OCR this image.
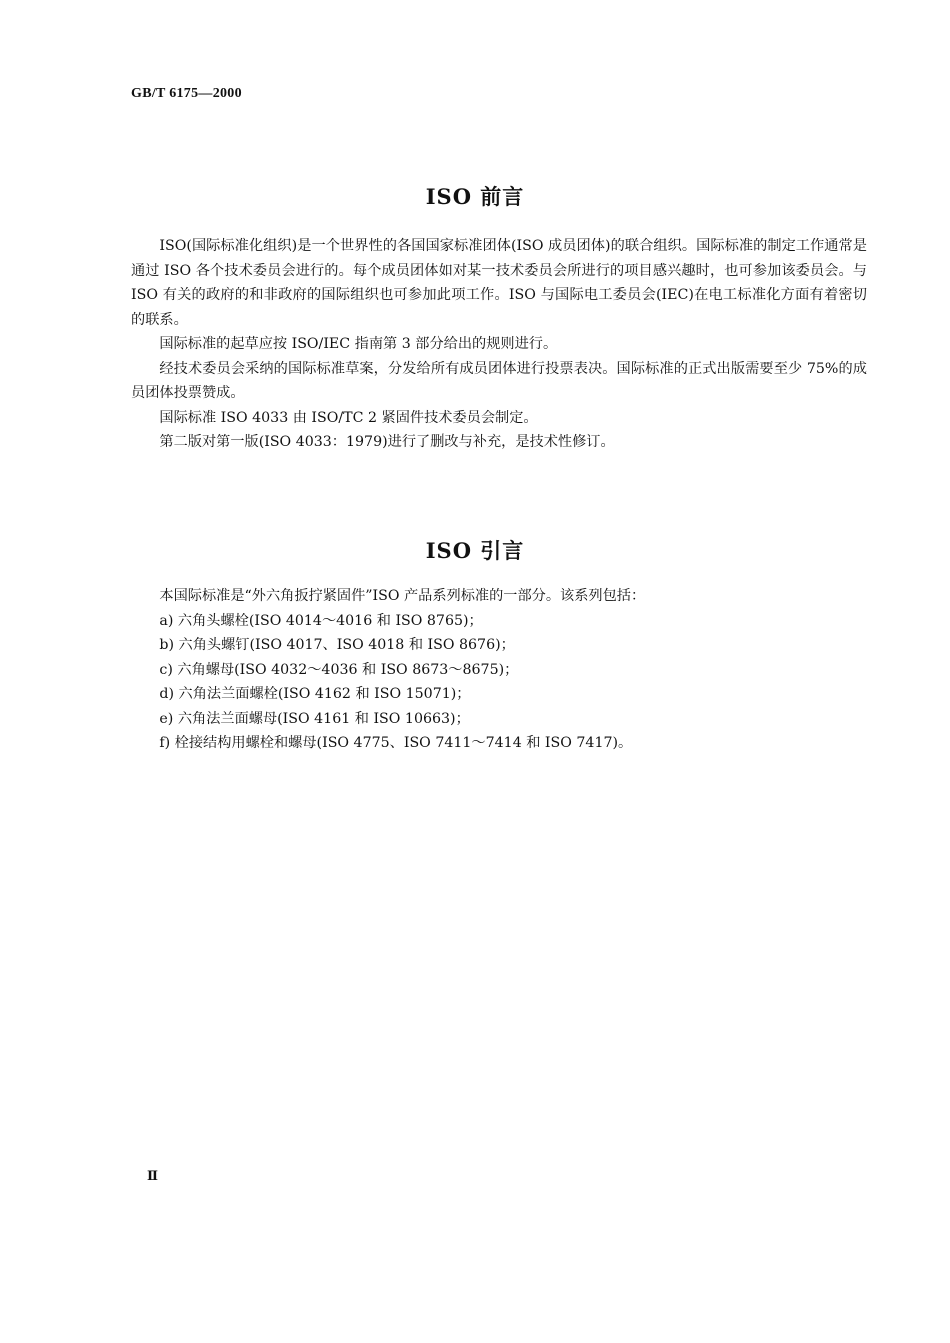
GB/T 6175—2000
ISO 前言

ISO(国际标准化组织)是一个世界性的各国国家标准团体(ISO 成员团体)的联合组织。国际标准的制定工作通常是通过 ISO 各个技术委员会进行的。每个成员团体如对某一技术委员会所进行的项目感兴趣时，也可参加该委员会。与 ISO 有关的政府的和非政府的国际组织也可参加此项工作。ISO 与国际电工委员会(IEC)在电工标准化方面有着密切的联系。

国际标准的起草应按 ISO/IEC 指南第 3 部分给出的规则进行。

经技术委员会采纳的国际标准草案，分发给所有成员团体进行投票表决。国际标准的正式出版需要至少 75%的成员团体投票赞成。

国际标准 ISO 4033 由 ISO/TC 2 紧固件技术委员会制定。

第二版对第一版(ISO 4033：1979)进行了删改与补充，是技术性修订。

ISO 引言

本国际标准是“外六角扳拧紧固件”ISO 产品系列标准的一部分。该系列包括：

a) 六角头螺栓(ISO 4014～4016 和 ISO 8765)；

b) 六角头螺钉(ISO 4017、ISO 4018 和 ISO 8676)；

c) 六角螺母(ISO 4032～4036 和 ISO 8673～8675)；

d) 六角法兰面螺栓(ISO 4162 和 ISO 15071)；

e) 六角法兰面螺母(ISO 4161 和 ISO 10663)；

f) 栓接结构用螺栓和螺母(ISO 4775、ISO 7411～7414 和 ISO 7417)。

Ⅱ
